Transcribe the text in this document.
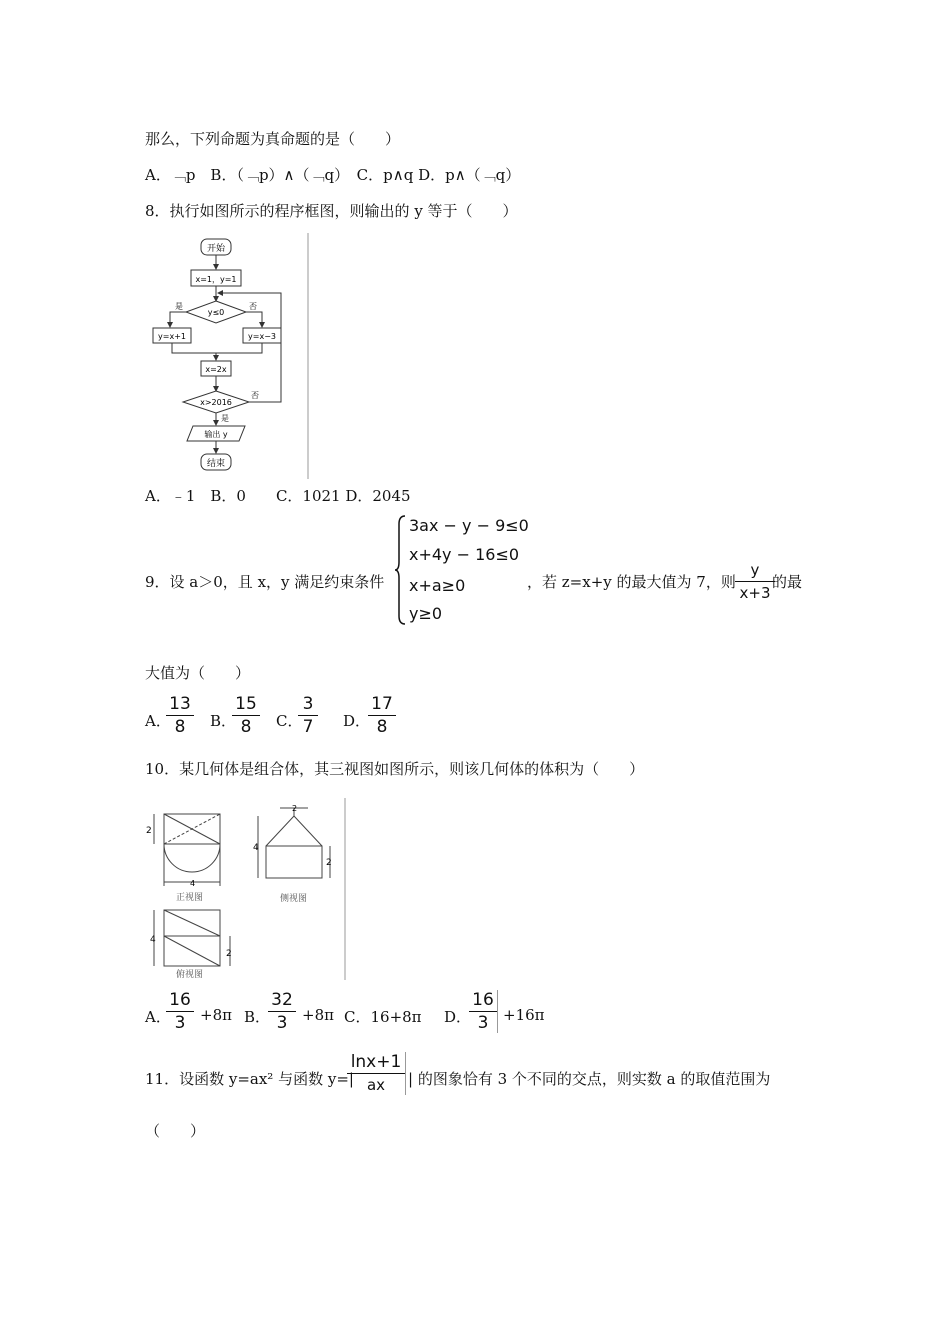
那么，下列命题为真命题的是（　　）
A．﹁p　B．（﹁p）∧（﹁q）　C．p∧q D．p∧（﹁q）
8．执行如图所示的程序框图，则输出的 y 等于（　　）
开始
x=1，y=1
y≤0
是	否
y=x+1	y=x−3
x=2x
x>2016
否
是
输出 y
结束
A．﹣1　B．0　　C．1021 D．2045
9．设 a＞0，且 x，y 满足约束条件
3ax − y − 9≤0
x+4y − 16≤0
x+a≥0
y≥0
，若 z=x+y 的最大值为 7，则
y
x+3
的最
大值为（　　）
A．
13
8	B．
15
8	C．
3
7	D．
17
8
10．某几何体是组合体，其三视图如图所示，则该几何体的体积为（　　）
2
4
正视图
2
4
2
侧视图
4
2
俯视图
A．
16
3 +8π B．
32
3 +8π C．16+8π D．
16
3 +16π
11．设函数 y=ax² 与函数 y=|
lnx+1
ax	| 的图象恰有 3 个不同的交点，则实数 a 的取值范围为
（　　）
